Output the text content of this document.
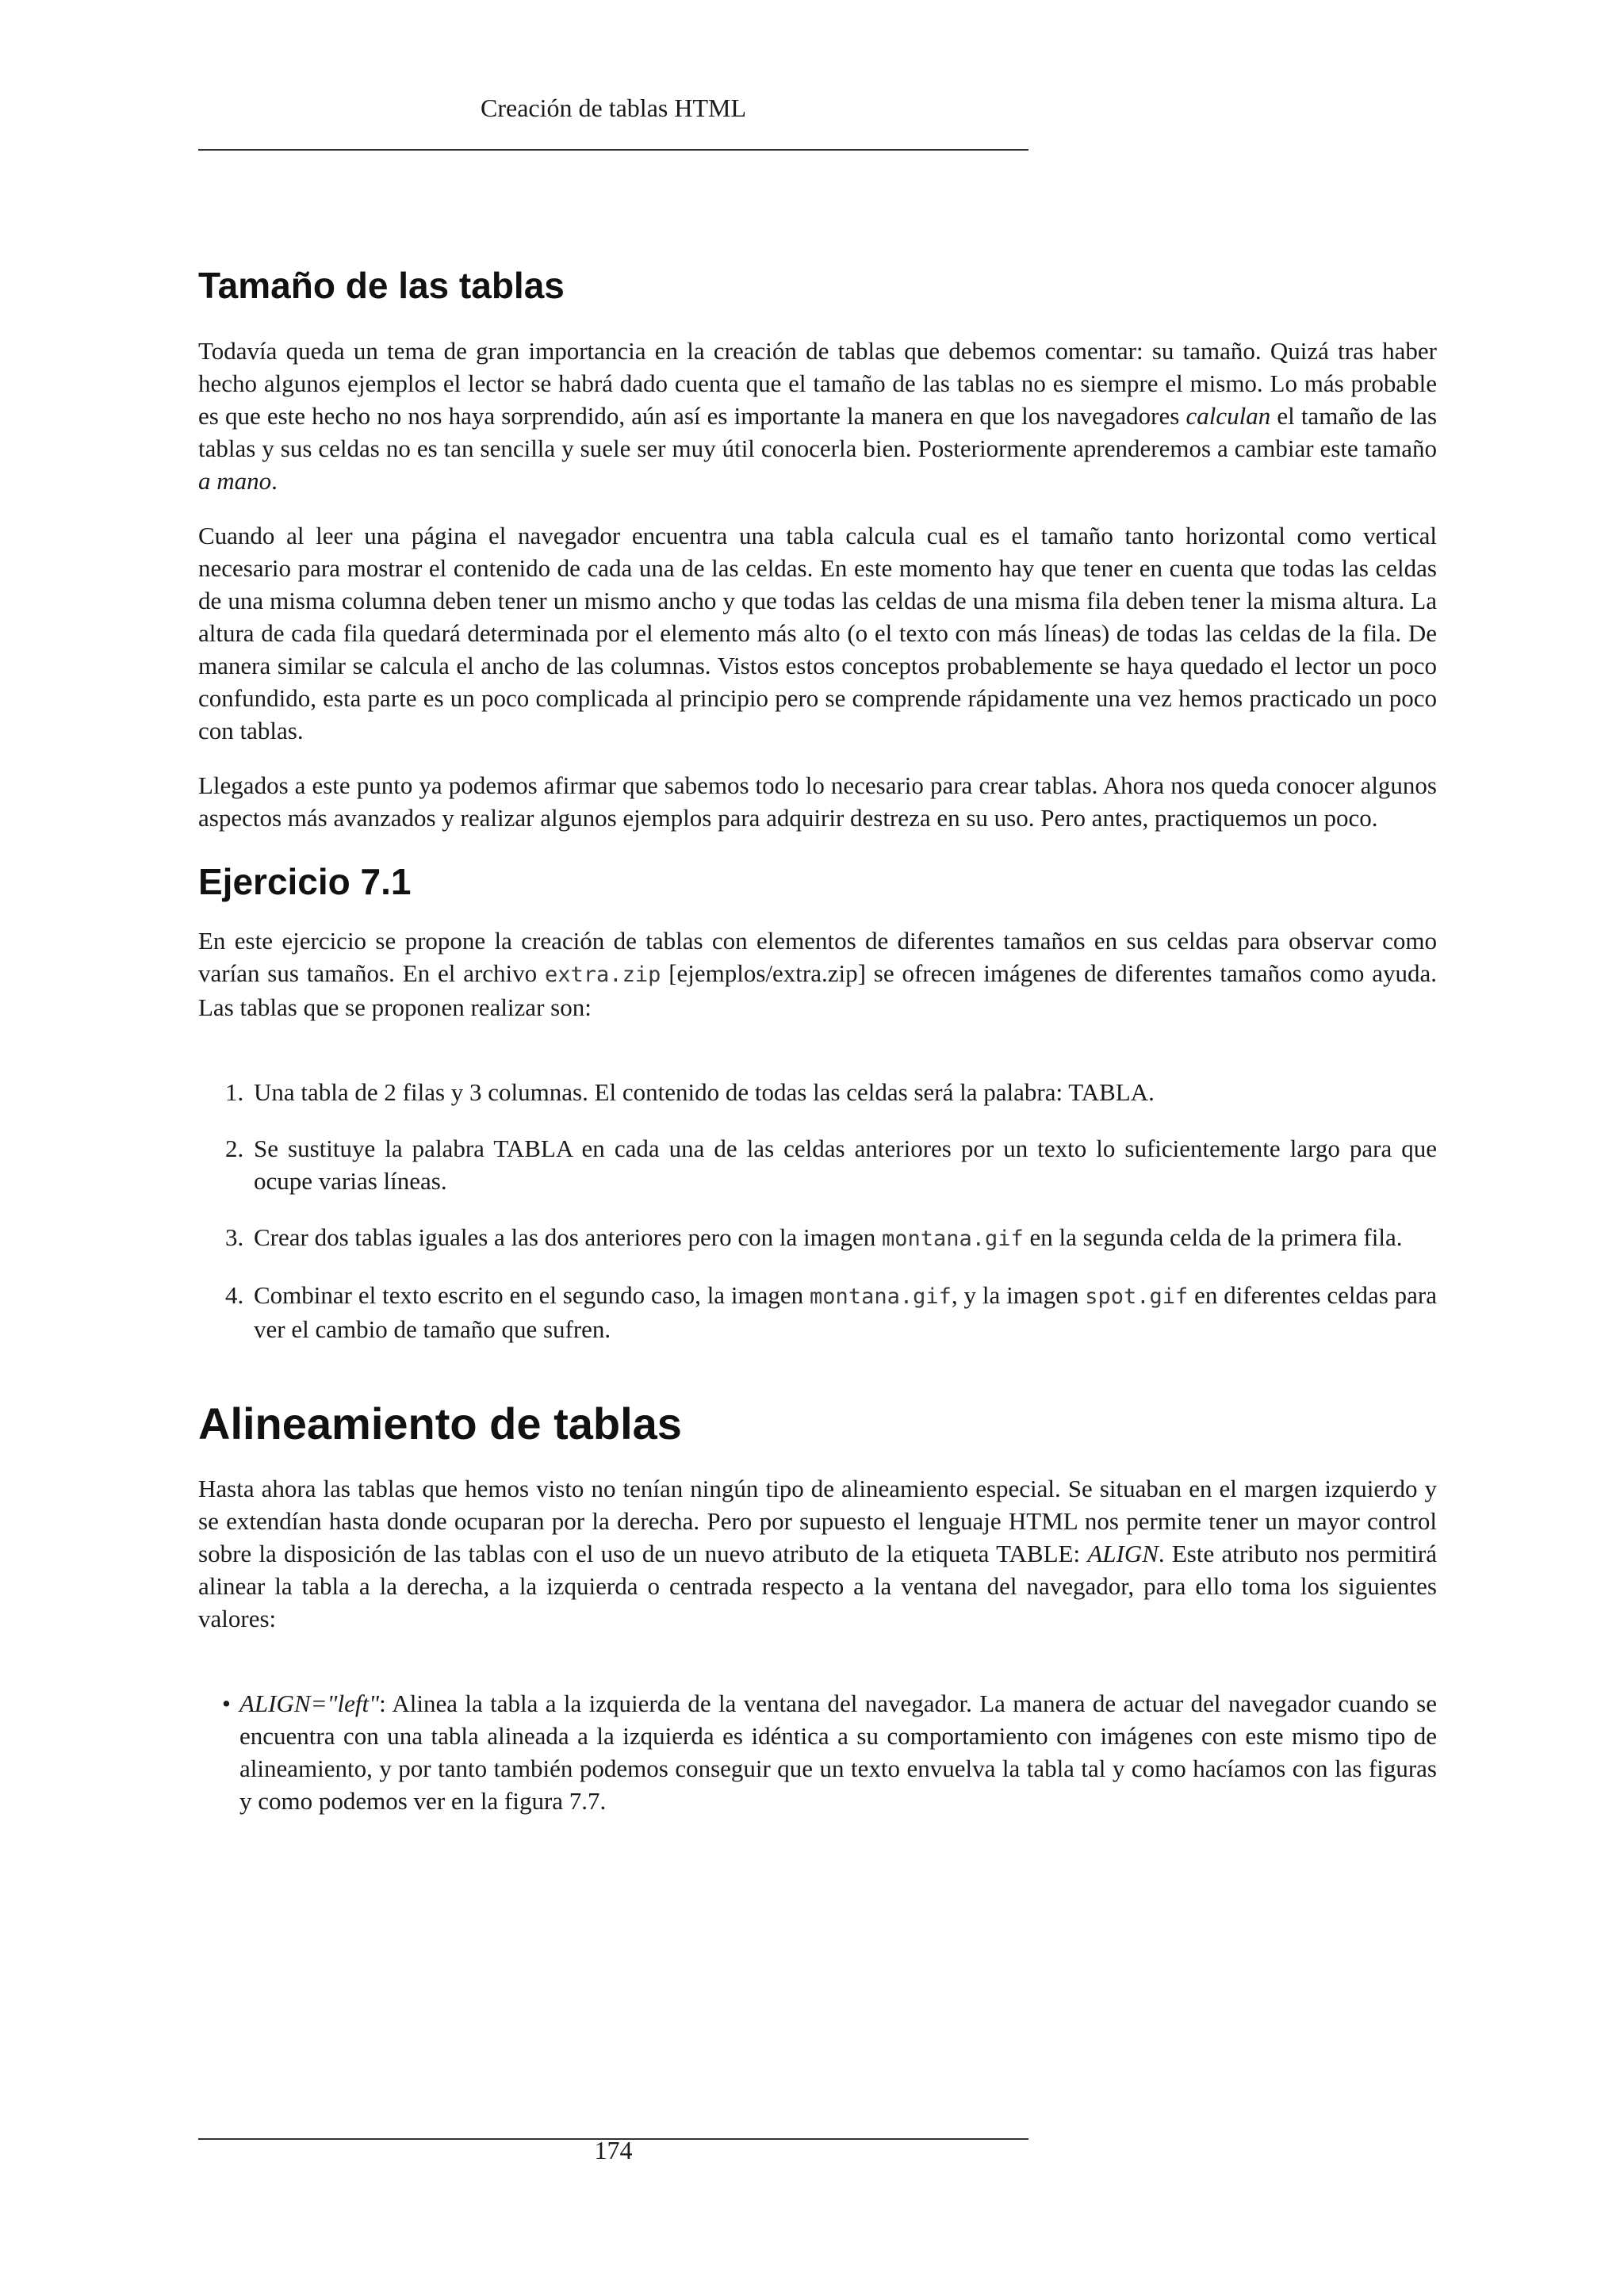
Creación de tablas HTML
Tamaño de las tablas

Todavía queda un tema de gran importancia en la creación de tablas que debemos comentar: su tamaño. Quizá tras haber hecho algunos ejemplos el lector se habrá dado cuenta que el tamaño de las tablas no es siempre el mismo. Lo más probable es que este hecho no nos haya sorprendido, aún así es importante la manera en que los navegadores calculan el tamaño de las tablas y sus celdas no es tan sencilla y suele ser muy útil conocerla bien. Posteriormente aprenderemos a cambiar este tamaño a mano.

Cuando al leer una página el navegador encuentra una tabla calcula cual es el tamaño tanto horizontal como vertical necesario para mostrar el contenido de cada una de las celdas. En este momento hay que tener en cuenta que todas las celdas de una misma columna deben tener un mismo ancho y que todas las celdas de una misma fila deben tener la misma altura. La altura de cada fila quedará determinada por el elemento más alto (o el texto con más líneas) de todas las celdas de la fila. De manera similar se calcula el ancho de las columnas. Vistos estos conceptos probablemente se haya quedado el lector un poco confundido, esta parte es un poco complicada al principio pero se comprende rápidamente una vez hemos practicado un poco con tablas.

Llegados a este punto ya podemos afirmar que sabemos todo lo necesario para crear tablas. Ahora nos queda conocer algunos aspectos más avanzados y realizar algunos ejemplos para adquirir destreza en su uso. Pero antes, practiquemos un poco.

Ejercicio 7.1

En este ejercicio se propone la creación de tablas con elementos de diferentes tamaños en sus celdas para observar como varían sus tamaños. En el archivo extra.zip [ejemplos/extra.zip] se ofrecen imágenes de diferentes tamaños como ayuda. Las tablas que se proponen realizar son:

1. Una tabla de 2 filas y 3 columnas. El contenido de todas las celdas será la palabra: TABLA.
2. Se sustituye la palabra TABLA en cada una de las celdas anteriores por un texto lo suficientemente largo para que ocupe varias líneas.
3. Crear dos tablas iguales a las dos anteriores pero con la imagen montana.gif en la segunda celda de la primera fila.
4. Combinar el texto escrito en el segundo caso, la imagen montana.gif, y la imagen spot.gif en diferentes celdas para ver el cambio de tamaño que sufren.
Alineamiento de tablas

Hasta ahora las tablas que hemos visto no tenían ningún tipo de alineamiento especial. Se situaban en el margen izquierdo y se extendían hasta donde ocuparan por la derecha. Pero por supuesto el lenguaje HTML nos permite tener un mayor control sobre la disposición de las tablas con el uso de un nuevo atributo de la etiqueta TABLE: ALIGN. Este atributo nos permitirá alinear la tabla a la derecha, a la izquierda o centrada respecto a la ventana del navegador, para ello toma los siguientes valores:

• ALIGN="left": Alinea la tabla a la izquierda de la ventana del navegador. La manera de actuar del navegador cuando se encuentra con una tabla alineada a la izquierda es idéntica a su comportamiento con imágenes con este mismo tipo de alineamiento, y por tanto también podemos conseguir que un texto envuelva la tabla tal y como hacíamos con las figuras y como podemos ver en la figura 7.7.
174
